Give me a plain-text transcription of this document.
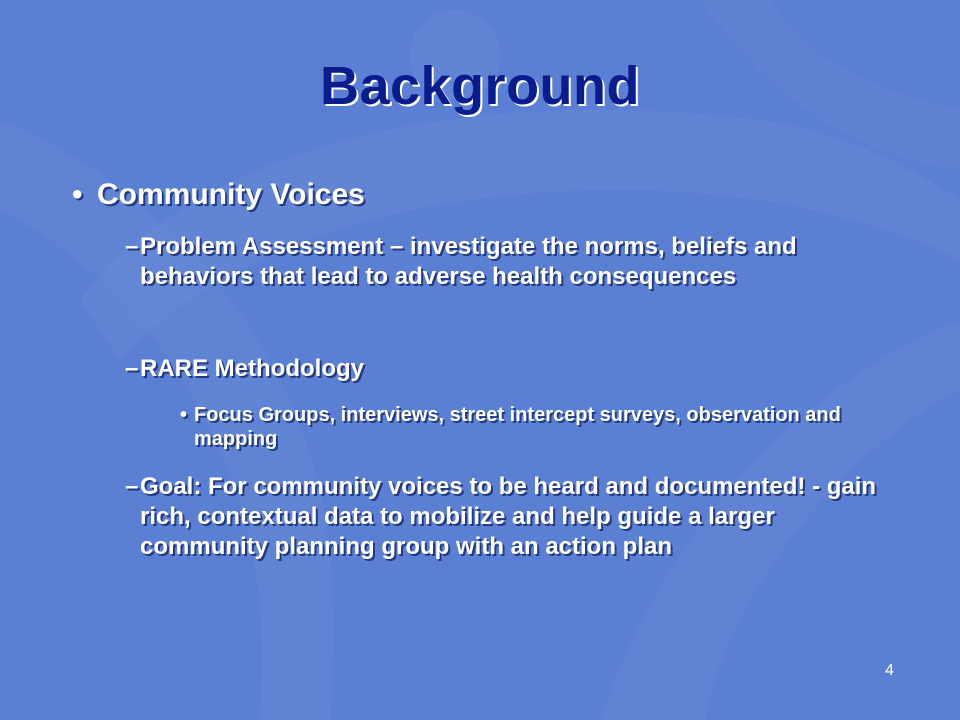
Background
• Community Voices
– Problem Assessment – investigate the norms, beliefs and behaviors that lead to adverse health consequences
– RARE Methodology
• Focus Groups, interviews, street intercept surveys, observation and mapping
– Goal: For community voices to be heard and documented! - gain rich, contextual data to mobilize and help guide a larger community planning group with an action plan
4
